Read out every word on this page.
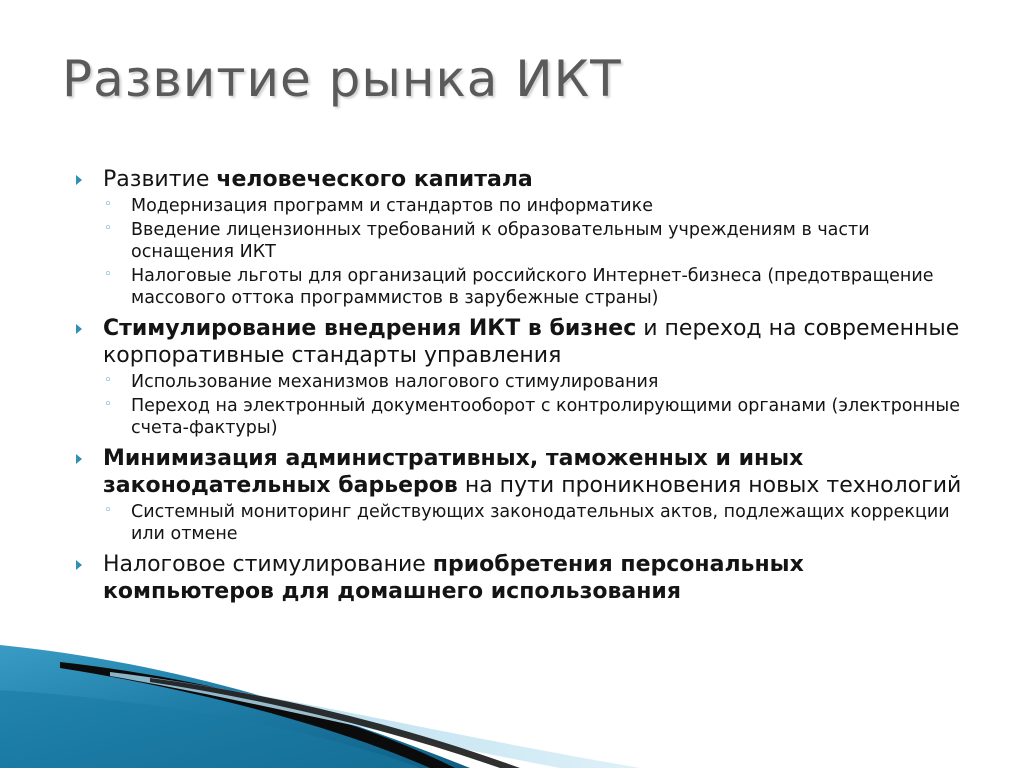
Развитие рынка ИКТ
Развитие человеческого капитала
◦ Модернизация программ и стандартов по информатике
◦ Введение лицензионных требований к образовательным учреждениям в части оснащения ИКТ
◦ Налоговые льготы для организаций российского Интернет-бизнеса (предотвращение массового оттока программистов в зарубежные страны)
Стимулирование внедрения ИКТ в бизнес и переход на современные корпоративные стандарты управления
◦ Использование механизмов налогового стимулирования
◦ Переход на электронный документооборот с контролирующими органами (электронные счета-фактуры)
Минимизация административных, таможенных и иных законодательных барьеров на пути проникновения новых технологий
◦ Системный мониторинг действующих законодательных актов, подлежащих коррекции или отмене
Налоговое стимулирование приобретения персональных компьютеров для домашнего использования
